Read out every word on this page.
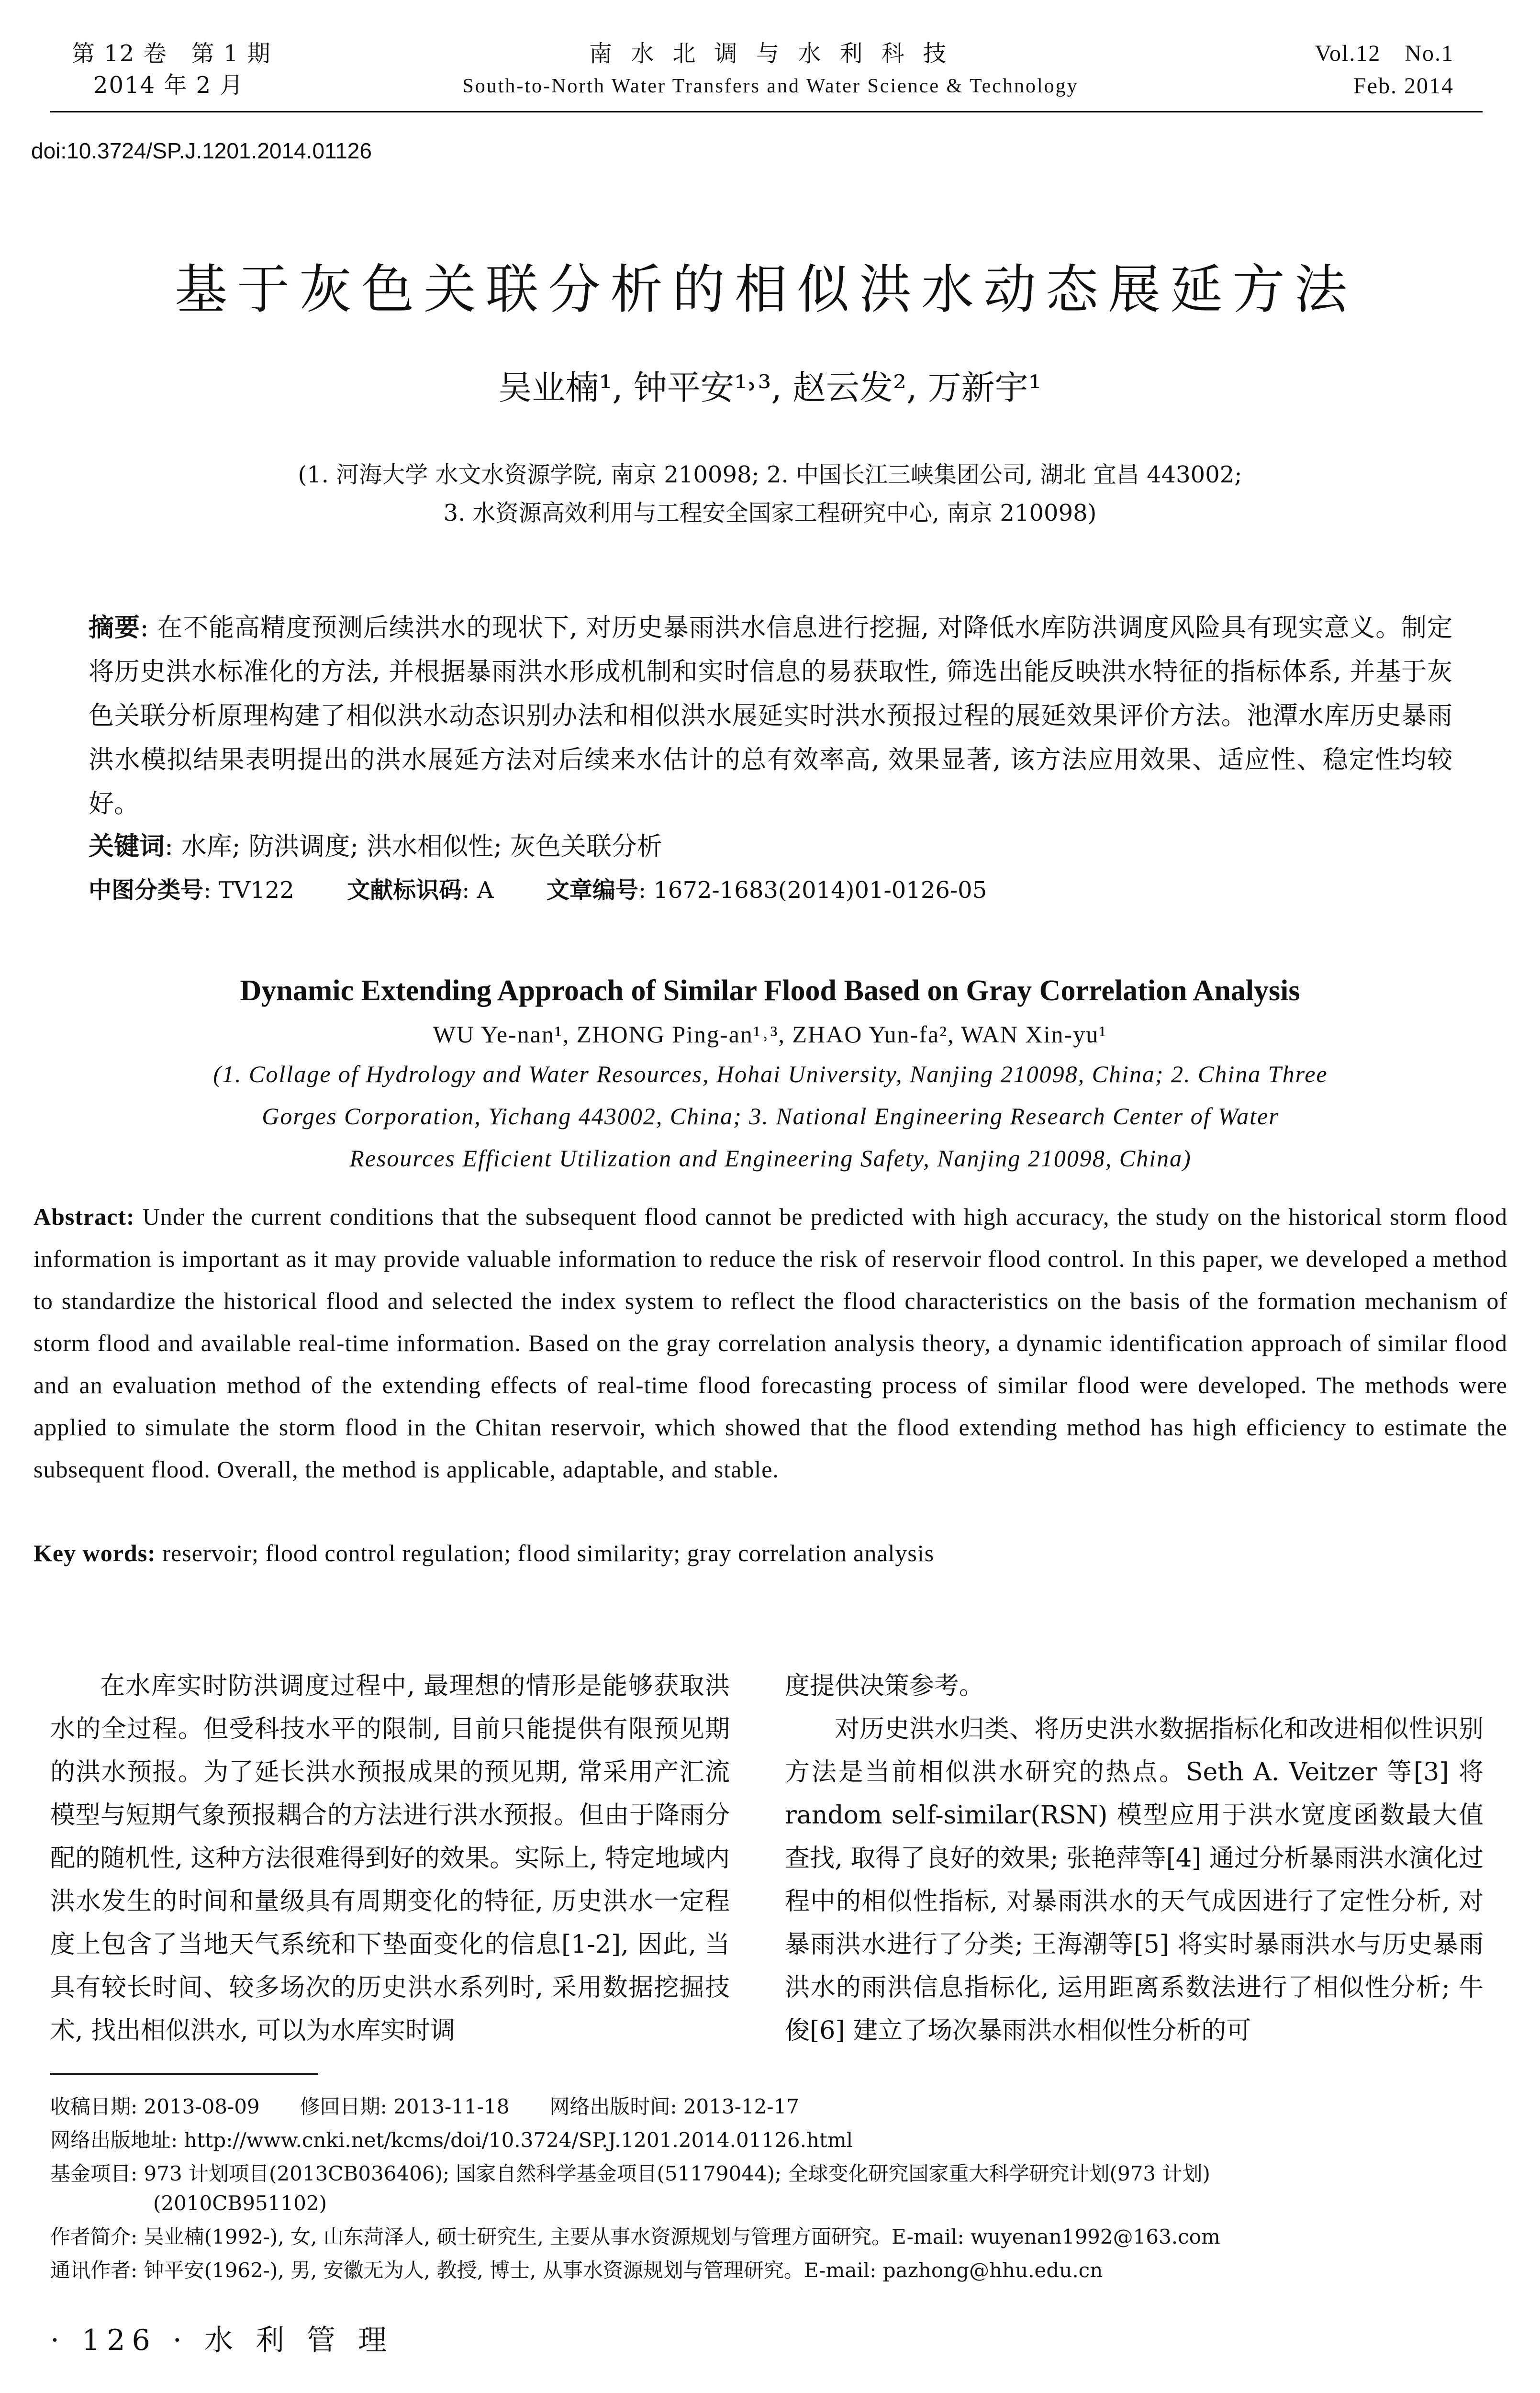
第 12 卷　第 1 期
2014 年 2 月
南 水 北 调 与 水 利 科 技
South-to-North Water Transfers and Water Science & Technology
Vol.12　No.1
Feb. 2014
doi:10.3724/SP.J.1201.2014.01126
基于灰色关联分析的相似洪水动态展延方法
吴业楠¹, 钟平安¹˒³, 赵云发², 万新宇¹
(1. 河海大学 水文水资源学院, 南京 210098; 2. 中国长江三峡集团公司, 湖北 宜昌 443002;
3. 水资源高效利用与工程安全国家工程研究中心, 南京 210098)
摘要: 在不能高精度预测后续洪水的现状下, 对历史暴雨洪水信息进行挖掘, 对降低水库防洪调度风险具有现实意义。制定将历史洪水标准化的方法, 并根据暴雨洪水形成机制和实时信息的易获取性, 筛选出能反映洪水特征的指标体系, 并基于灰色关联分析原理构建了相似洪水动态识别办法和相似洪水展延实时洪水预报过程的展延效果评价方法。池潭水库历史暴雨洪水模拟结果表明提出的洪水展延方法对后续来水估计的总有效率高, 效果显著, 该方法应用效果、适应性、稳定性均较好。
关键词: 水库; 防洪调度; 洪水相似性; 灰色关联分析
中图分类号: TV122 文献标识码: A 文章编号: 1672-1683(2014)01-0126-05
Dynamic Extending Approach of Similar Flood Based on Gray Correlation Analysis
WU Ye-nan¹, ZHONG Ping-an¹˒³, ZHAO Yun-fa², WAN Xin-yu¹
(1. Collage of Hydrology and Water Resources, Hohai University, Nanjing 210098, China; 2. China Three
Gorges Corporation, Yichang 443002, China; 3. National Engineering Research Center of Water
Resources Efficient Utilization and Engineering Safety, Nanjing 210098, China)
Abstract: Under the current conditions that the subsequent flood cannot be predicted with high accuracy, the study on the historical storm flood information is important as it may provide valuable information to reduce the risk of reservoir flood control. In this paper, we developed a method to standardize the historical flood and selected the index system to reflect the flood characteristics on the basis of the formation mechanism of storm flood and available real-time information. Based on the gray correlation analysis theory, a dynamic identification approach of similar flood and an evaluation method of the extending effects of real-time flood forecasting process of similar flood were developed. The methods were applied to simulate the storm flood in the Chitan reservoir, which showed that the flood extending method has high efficiency to estimate the subsequent flood. Overall, the method is applicable, adaptable, and stable.
Key words: reservoir; flood control regulation; flood similarity; gray correlation analysis

在水库实时防洪调度过程中, 最理想的情形是能够获取洪水的全过程。但受科技水平的限制, 目前只能提供有限预见期的洪水预报。为了延长洪水预报成果的预见期, 常采用产汇流模型与短期气象预报耦合的方法进行洪水预报。但由于降雨分配的随机性, 这种方法很难得到好的效果。实际上, 特定地域内洪水发生的时间和量级具有周期变化的特征, 历史洪水一定程度上包含了当地天气系统和下垫面变化的信息[1-2], 因此, 当具有较长时间、较多场次的历史洪水系列时, 采用数据挖掘技术, 找出相似洪水, 可以为水库实时调

度提供决策参考。

对历史洪水归类、将历史洪水数据指标化和改进相似性识别方法是当前相似洪水研究的热点。Seth A. Veitzer 等[3] 将 random self-similar(RSN) 模型应用于洪水宽度函数最大值查找, 取得了良好的效果; 张艳萍等[4] 通过分析暴雨洪水演化过程中的相似性指标, 对暴雨洪水的天气成因进行了定性分析, 对暴雨洪水进行了分类; 王海潮等[5] 将实时暴雨洪水与历史暴雨洪水的雨洪信息指标化, 运用距离系数法进行了相似性分析; 牛俊[6] 建立了场次暴雨洪水相似性分析的可

收稿日期: 2013-08-09　　修回日期: 2013-11-18　　网络出版时间: 2013-12-17
网络出版地址: http://www.cnki.net/kcms/doi/10.3724/SP.J.1201.2014.01126.html
基金项目: 973 计划项目(2013CB036406); 国家自然科学基金项目(51179044); 全球变化研究国家重大科学研究计划(973 计划)
(2010CB951102)
作者简介: 吴业楠(1992-), 女, 山东菏泽人, 硕士研究生, 主要从事水资源规划与管理方面研究。E-mail: wuyenan1992@163.com
通讯作者: 钟平安(1962-), 男, 安徽无为人, 教授, 博士, 从事水资源规划与管理研究。E-mail: pazhong@hhu.edu.cn
· 126 · 水 利 管 理
